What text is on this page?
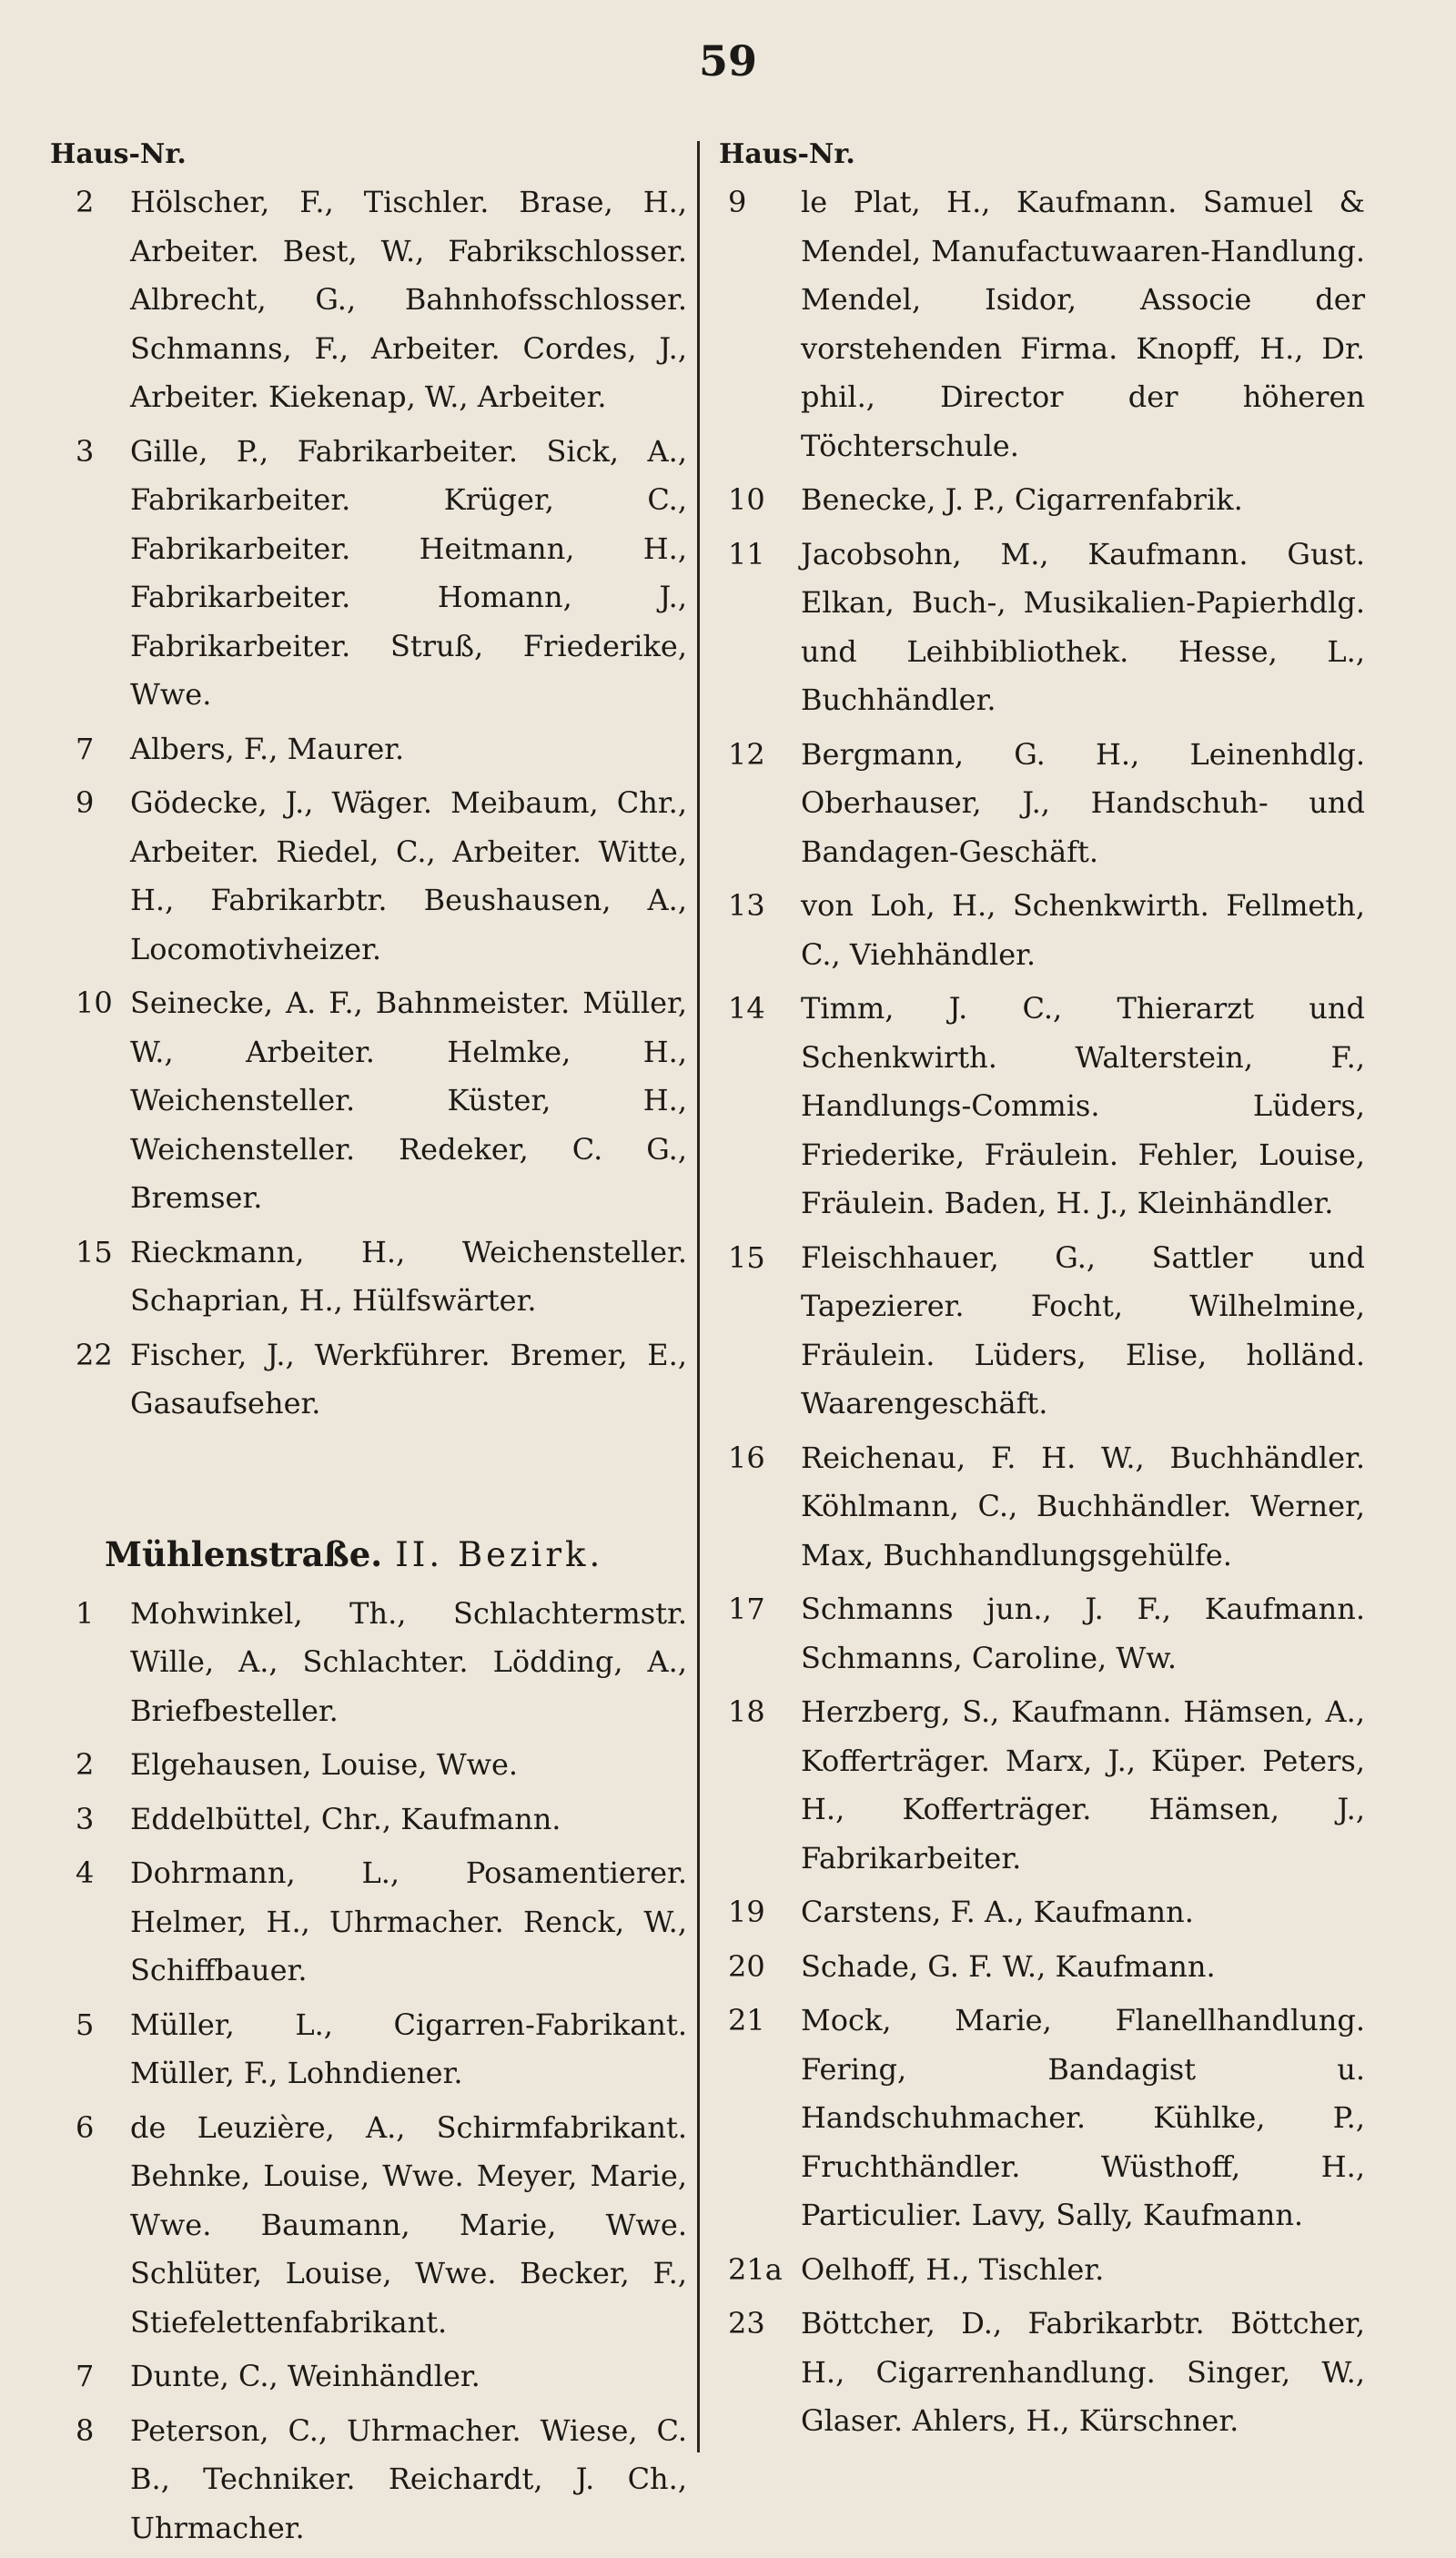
59
Haus-Nr.
2	Hölscher, F., Tischler. Brase, H., Arbeiter. Best, W., Fabrikschlosser. Albrecht, G., Bahnhofsschlosser. Schmanns, F., Arbeiter. Cordes, J., Arbeiter. Kiekenap, W., Arbeiter.
3	Gille, P., Fabrikarbeiter. Sick, A., Fabrikarbeiter. Krüger, C., Fabrikarbeiter. Heitmann, H., Fabrikarbeiter. Homann, J., Fabrikarbeiter. Struß, Friederike, Wwe.
7	Albers, F., Maurer.
9	Gödecke, J., Wäger. Meibaum, Chr., Arbeiter. Riedel, C., Arbeiter. Witte, H., Fabrikarbtr. Beushausen, A., Locomotivheizer.
10 Seinecke, A. F., Bahnmeister. Müller, W., Arbeiter. Helmke, H., Weichensteller. Küster, H., Weichensteller. Redeker, C. G., Bremser.
15 Rieckmann, H., Weichensteller. Schaprian, H., Hülfswärter.
22 Fischer, J., Werkführer. Bremer, E., Gasaufseher.
Mühlenstraße. II. Bezirk.
1	Mohwinkel, Th., Schlachtermstr. Wille, A., Schlachter. Lödding, A., Briefbesteller.
2	Elgehausen, Louise, Wwe.
3	Eddelbüttel, Chr., Kaufmann.
4	Dohrmann, L., Posamentierer. Helmer, H., Uhrmacher. Renck, W., Schiffbauer.
5	Müller, L., Cigarren-Fabrikant. Müller, F., Lohndiener.
6	de Leuzière, A., Schirmfabrikant. Behnke, Louise, Wwe. Meyer, Marie, Wwe. Baumann, Marie, Wwe. Schlüter, Louise, Wwe. Becker, F., Stiefelettenfabrikant.
7	Dunte, C., Weinhändler.
8	Peterson, C., Uhrmacher. Wiese, C. B., Techniker. Reichardt, J. Ch., Uhrmacher.
Haus-Nr.
9	le Plat, H., Kaufmann. Samuel & Mendel, Manufactuwaaren-Handlung. Mendel, Isidor, Associe der vorstehenden Firma. Knopff, H., Dr. phil., Director der höheren Töchterschule.
10	Benecke, J. P., Cigarrenfabrik.
11	Jacobsohn, M., Kaufmann. Gust. Elkan, Buch-, Musikalien-Papierhdlg. und Leihbibliothek. Hesse, L., Buchhändler.
12	Bergmann, G. H., Leinenhdlg. Oberhauser, J., Handschuh- und Bandagen-Geschäft.
13	von Loh, H., Schenkwirth. Fellmeth, C., Viehhändler.
14	Timm, J. C., Thierarzt und Schenkwirth. Walterstein, F., Handlungs-Commis. Lüders, Friederike, Fräulein. Fehler, Louise, Fräulein. Baden, H. J., Kleinhändler.
15	Fleischhauer, G., Sattler und Tapezierer. Focht, Wilhelmine, Fräulein. Lüders, Elise, holländ. Waarengeschäft.
16	Reichenau, F. H. W., Buchhändler. Köhlmann, C., Buchhändler. Werner, Max, Buchhandlungsgehülfe.
17	Schmanns jun., J. F., Kaufmann. Schmanns, Caroline, Ww.
18	Herzberg, S., Kaufmann. Hämsen, A., Kofferträger. Marx, J., Küper. Peters, H., Kofferträger. Hämsen, J., Fabrikarbeiter.
19	Carstens, F. A., Kaufmann.
20	Schade, G. F. W., Kaufmann.
21	Mock, Marie, Flanellhandlung. Fering, Bandagist u. Handschuhmacher. Kühlke, P., Fruchthändler. Wüsthoff, H., Particulier. Lavy, Sally, Kaufmann.
21a Oelhoff, H., Tischler.
23	Böttcher, D., Fabrikarbtr. Böttcher, H., Cigarrenhandlung. Singer, W., Glaser. Ahlers, H., Kürschner.
